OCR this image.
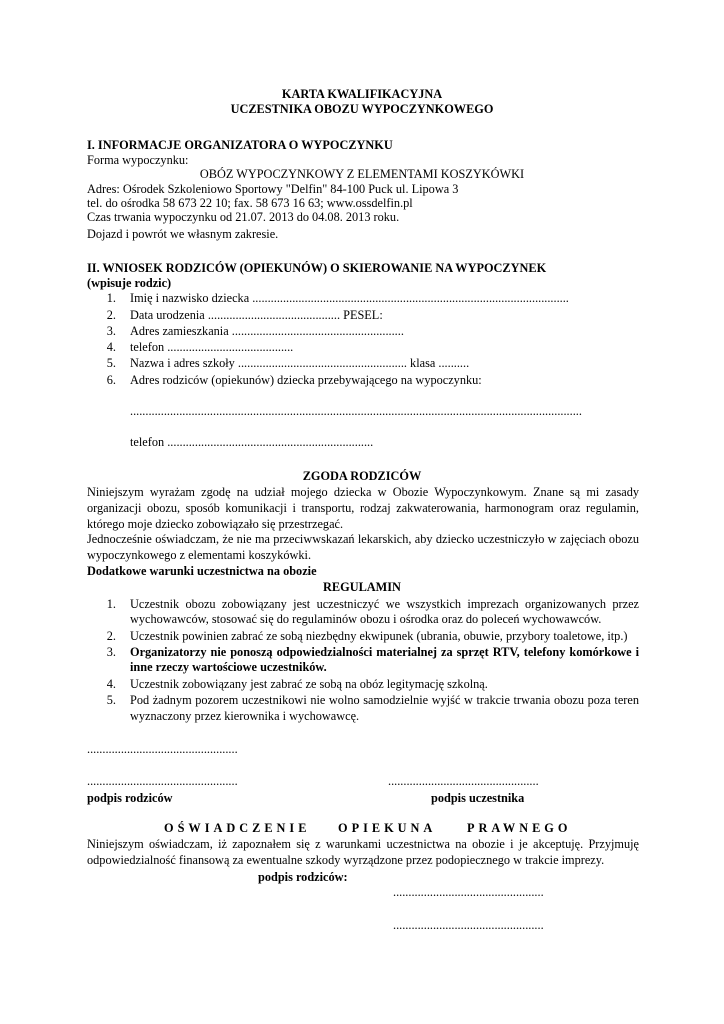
KARTA KWALIFIKACYJNA
UCZESTNIKA OBOZU WYPOCZYNKOWEGO
I. INFORMACJE ORGANIZATORA O WYPOCZYNKU
Forma wypoczynku:
OBÓZ WYPOCZYNKOWY Z ELEMENTAMI KOSZYKÓWKI
Adres: Ośrodek Szkoleniowo Sportowy "Delfin" 84-100 Puck ul. Lipowa 3
tel. do ośrodka 58 673 22 10; fax. 58 673 16 63; www.ossdelfin.pl
Czas trwania wypoczynku od 21.07. 2013 do 04.08. 2013 roku.
Dojazd i powrót we własnym zakresie.
II. WNIOSEK RODZICÓW (OPIEKUNÓW) O SKIEROWANIE NA WYPOCZYNEK
(wpisuje rodzic)
1. Imię i nazwisko dziecka .......................................................................................................
2. Data urodzenia ........................................... PESEL:
3. Adres zamieszkania ........................................................
4. telefon .........................................
5. Nazwa i adres szkoły ....................................................... klasa ..........
6. Adres rodziców (opiekunów) dziecka przebywającego na wypoczynku:
...................................................................................................................................................
telefon ...................................................................
ZGODA RODZICÓW
Niniejszym wyrażam zgodę na udział mojego dziecka w Obozie Wypoczynkowym. Znane są mi zasady
organizacji obozu, sposób komunikacji i transportu, rodzaj zakwaterowania, harmonogram oraz regulamin,
którego moje dziecko zobowiązało się przestrzegać.
Jednocześnie oświadczam, że nie ma przeciwwskazań lekarskich, aby dziecko uczestniczyło w zajęciach obozu
wypoczynkowego z elementami koszykówki.
Dodatkowe warunki uczestnictwa na obozie
REGULAMIN
1. Uczestnik obozu zobowiązany jest uczestniczyć we wszystkich imprezach organizowanych przez
wychowawców, stosować się do regulaminów obozu i ośrodka oraz do poleceń wychowawców.
2. Uczestnik powinien zabrać ze sobą niezbędny ekwipunek (ubrania, obuwie, przybory toaletowe, itp.)
3. Organizatorzy nie ponoszą odpowiedzialności materialnej za sprzęt RTV, telefony komórkowe i
inne rzeczy wartościowe uczestników.
4. Uczestnik zobowiązany jest zabrać ze sobą na obóz legitymację szkolną.
5. Pod żadnym pozorem uczestnikowi nie wolno samodzielnie wyjść w trakcie trwania obozu poza teren
wyznaczony przez kierownika i wychowawcę.
.................................................
.................................................	.................................................
podpis rodziców	podpis uczestnika
OŚWIADCZENIE OPIEKUNA PRAWNEGO
Niniejszym oświadczam, iż zapoznałem się z warunkami uczestnictwa na obozie i je akceptuję. Przyjmuję
odpowiedzialność finansową za ewentualne szkody wyrządzone przez podopiecznego w trakcie imprezy.
podpis rodziców:
.................................................
.................................................
